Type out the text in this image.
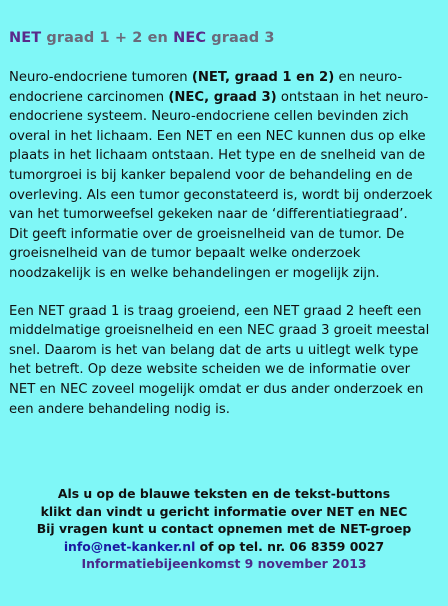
NET graad 1 + 2 en NEC graad 3

Neuro-endocriene tumoren (NET, graad 1 en 2) en neuro-endocriene carcinomen (NEC, graad 3) ontstaan in het neuro-endocriene systeem. Neuro-endocriene cellen bevinden zich overal in het lichaam. Een NET en een NEC kunnen dus op elke plaats in het lichaam ontstaan. Het type en de snelheid van de tumorgroei is bij kanker bepalend voor de behandeling en de overleving. Als een tumor geconstateerd is, wordt bij onderzoek van het tumorweefsel gekeken naar de ‘differentiatiegraad’.
Dit geeft informatie over de groeisnelheid van de tumor. De groeisnelheid van de tumor bepaalt welke onderzoek noodzakelijk is en welke behandelingen er mogelijk zijn.

Een NET graad 1 is traag groeiend, een NET graad 2 heeft een middelmatige groeisnelheid en een NEC graad 3 groeit meestal snel. Daarom is het van belang dat de arts u uitlegt welk type het betreft. Op deze website scheiden we de informatie over NET en NEC zoveel mogelijk omdat er dus ander onderzoek en een andere behandeling nodig is.

Als u op de blauwe teksten en de tekst-buttons
klikt dan vindt u gericht informatie over NET en NEC
Bij vragen kunt u contact opnemen met de NET-groep
info@net-kanker.nl of op tel. nr. 06 8359 0027
Informatiebijeenkomst 9 november 2013
